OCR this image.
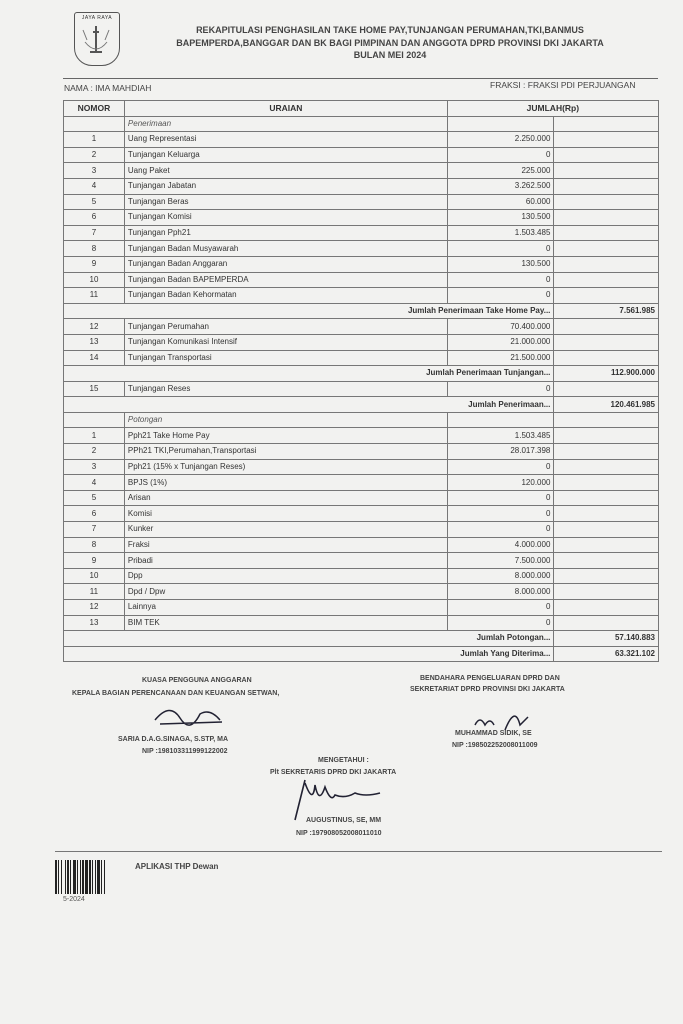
JAYA RAYA
REKAPITULASI PENGHASILAN TAKE HOME PAY,TUNJANGAN PERUMAHAN,TKI,BANMUS
BAPEMPERDA,BANGGAR DAN BK BAGI PIMPINAN DAN ANGGOTA DPRD PROVINSI DKI JAKARTA
BULAN MEI 2024
NAMA : IMA MAHDIAH	FRAKSI : FRAKSI PDI PERJUANGAN
NOMOR	URAIAN	JUMLAH(Rp)	
	Penerimaan		
1	Uang Representasi	2.250.000	
2	Tunjangan Keluarga	0	
3	Uang Paket	225.000	
4	Tunjangan Jabatan	3.262.500	
5	Tunjangan Beras	60.000	
6	Tunjangan Komisi	130.500	
7	Tunjangan Pph21	1.503.485	
8	Tunjangan Badan Musyawarah	0	
9	Tunjangan Badan Anggaran	130.500	
10	Tunjangan Badan BAPEMPERDA	0	
11	Tunjangan Badan Kehormatan	0	
	Jumlah Penerimaan Take Home Pay...		7.561.985
12	Tunjangan Perumahan	70.400.000	
13	Tunjangan Komunikasi Intensif	21.000.000	
14	Tunjangan Transportasi	21.500.000	
	Jumlah Penerimaan Tunjangan...		112.900.000
15	Tunjangan Reses	0	
	Jumlah Penerimaan...		120.461.985
	Potongan		
1	Pph21 Take Home Pay	1.503.485	
2	PPh21 TKI,Perumahan,Transportasi	28.017.398	
3	Pph21 (15% x Tunjangan Reses)	0	
4	BPJS (1%)	120.000	
5	Arisan	0	
6	Komisi	0	
7	Kunker	0	
8	Fraksi	4.000.000	
9	Pribadi	7.500.000	
10	Dpp	8.000.000	
11	Dpd / Dpw	8.000.000	
12	Lainnya	0	
13	BIM TEK	0	
	Jumlah Potongan...		57.140.883
	Jumlah Yang Diterima...		63.321.102
KUASA PENGGUNA ANGGARAN
KEPALA BAGIAN PERENCANAAN DAN KEUANGAN SETWAN,
SARIA D.A.G.SINAGA, S.STP, MA
NIP :198103311999122002
BENDAHARA PENGELUARAN DPRD DAN
SEKRETARIAT DPRD PROVINSI DKI JAKARTA
MUHAMMAD SIDIK, SE
NIP :198502252008011009
MENGETAHUI :
Plt SEKRETARIS DPRD DKI JAKARTA
AUGUSTINUS, SE, MM
NIP :197908052008011010
APLIKASI THP Dewan
5-2024
